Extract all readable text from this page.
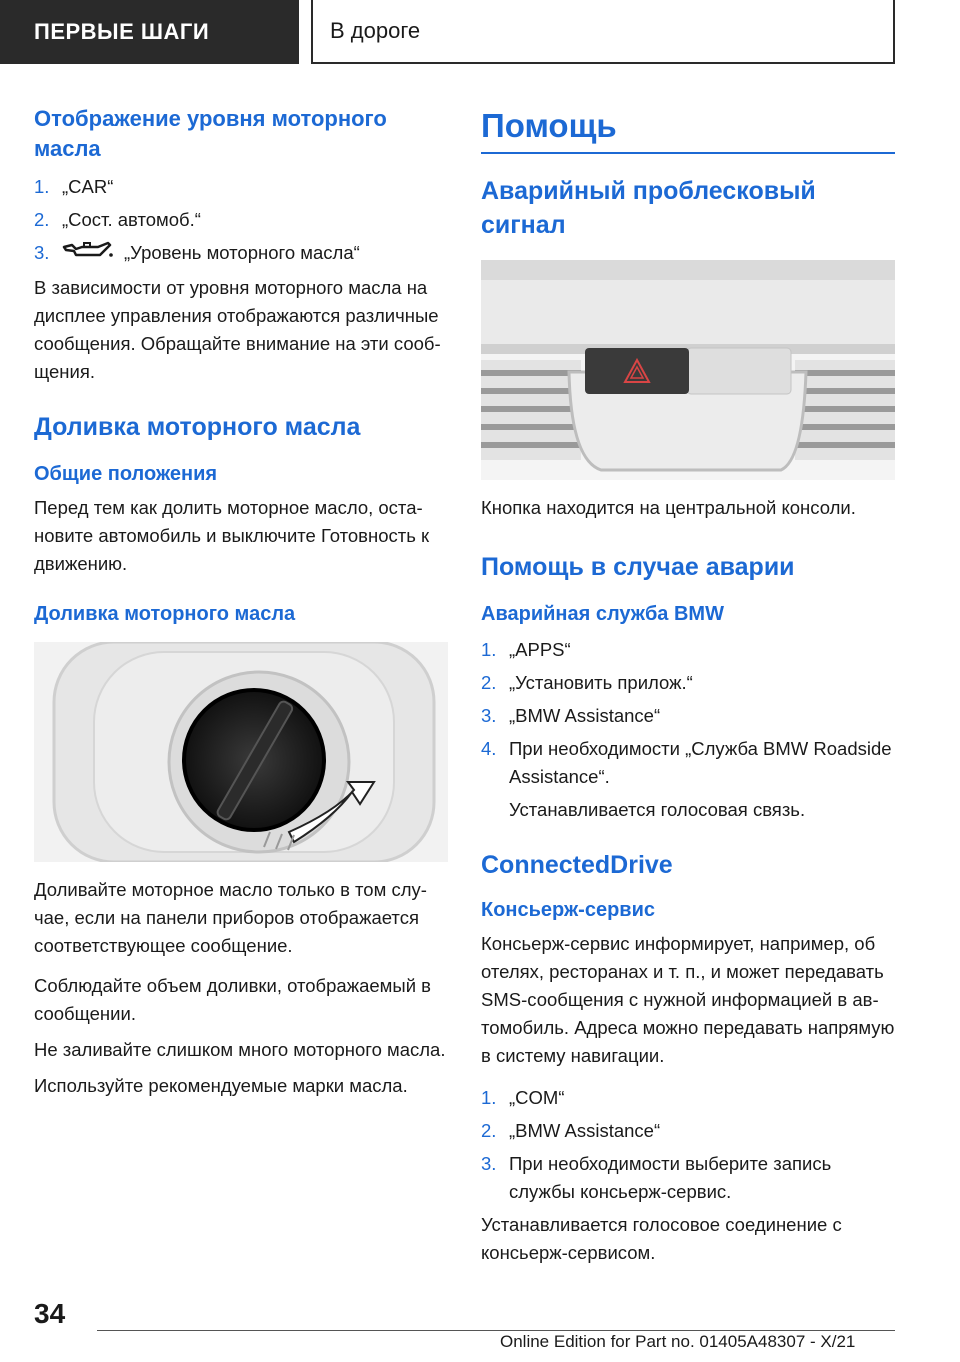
ПЕРВЫЕ ШАГИ	В дороге
Отображение уровня моторного масла
1. „CAR“
2. „Сост. автомоб.“
3.	„Уровень моторного масла“
В зависимости от уровня моторного масла на дисплее управления отображаются различные сообщения. Обращайте внимание на эти сообщения.
Доливка моторного масла
Общие положения
Перед тем как долить моторное масло, остановите автомобиль и выключите Готовность к движению.
Доливка моторного масла
Доливайте моторное масло только в том случае, если на панели приборов отображается соответствующее сообщение.
Соблюдайте объем доливки, отображаемый в сообщении.
Не заливайте слишком много моторного масла.
Используйте рекомендуемые марки масла.
Помощь
Аварийный проблесковый сигнал
Кнопка находится на центральной консоли.
Помощь в случае аварии
Аварийная служба BMW
1. „APPS“
2. „Установить прилож.“
3. „BMW Assistance“
4. При необходимости „Служба BMW Roadside Assistance“.
Устанавливается голосовая связь.
ConnectedDrive
Консьерж-сервис
Консьерж-сервис информирует, например, об отелях, ресторанах и т. п., и может передавать SMS-сообщения с нужной информацией в автомобиль. Адреса можно передавать напрямую в систему навигации.
1. „COM“
2. „BMW Assistance“
3. При необходимости выберите запись службы консьерж-сервис.
Устанавливается голосовое соединение с консьерж-сервисом.
34
Online Edition for Part no. 01405A48307 - X/21
